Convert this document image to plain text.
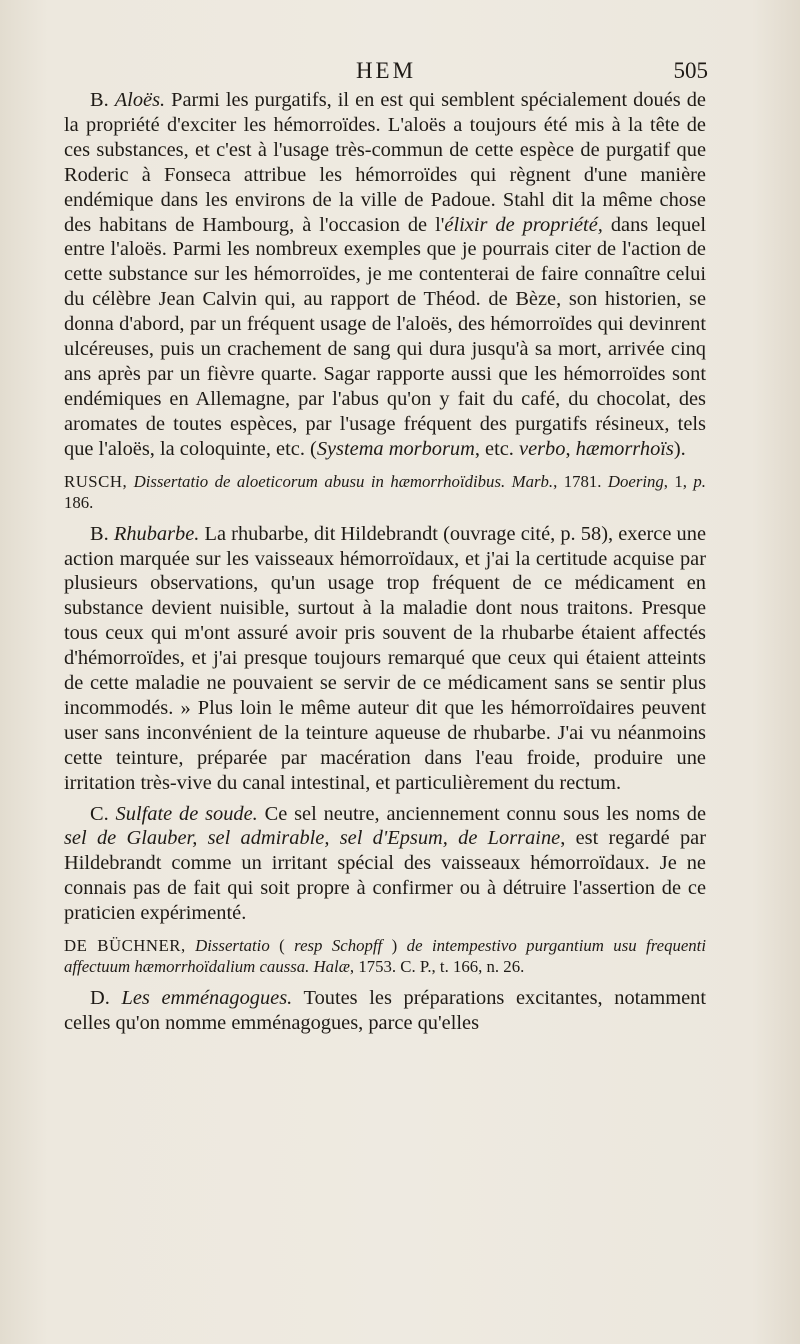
HEM	505

B. Aloës. Parmi les purgatifs, il en est qui semblent spécialement doués de la propriété d'exciter les hémorroïdes. L'aloës a toujours été mis à la tête de ces substances, et c'est à l'usage très-commun de cette espèce de purgatif que Roderic à Fonseca attribue les hémorroïdes qui règnent d'une manière endémique dans les environs de la ville de Padoue. Stahl dit la même chose des habitans de Hambourg, à l'occasion de l'élixir de propriété, dans lequel entre l'aloës. Parmi les nombreux exemples que je pourrais citer de l'action de cette substance sur les hémorroïdes, je me contenterai de faire connaître celui du célèbre Jean Calvin qui, au rapport de Théod. de Bèze, son historien, se donna d'abord, par un fréquent usage de l'aloës, des hémorroïdes qui devinrent ulcéreuses, puis un crachement de sang qui dura jusqu'à sa mort, arrivée cinq ans après par un fièvre quarte. Sagar rapporte aussi que les hémorroïdes sont endémiques en Allemagne, par l'abus qu'on y fait du café, du chocolat, des aromates de toutes espèces, par l'usage fréquent des purgatifs résineux, tels que l'aloës, la coloquinte, etc. (Systema morborum, etc. verbo, hæmorrhoïs).

RUSCH, Dissertatio de aloeticorum abusu in hæmorrhoïdibus. Marb., 1781. Doering, 1, p. 186.

B. Rhubarbe. La rhubarbe, dit Hildebrandt (ouvrage cité, p. 58), exerce une action marquée sur les vaisseaux hémorroïdaux, et j'ai la certitude acquise par plusieurs observations, qu'un usage trop fréquent de ce médicament en substance devient nuisible, surtout à la maladie dont nous traitons. Presque tous ceux qui m'ont assuré avoir pris souvent de la rhubarbe étaient affectés d'hémorroïdes, et j'ai presque toujours remarqué que ceux qui étaient atteints de cette maladie ne pouvaient se servir de ce médicament sans se sentir plus incommodés. » Plus loin le même auteur dit que les hémorroïdaires peuvent user sans inconvénient de la teinture aqueuse de rhubarbe. J'ai vu néanmoins cette teinture, préparée par macération dans l'eau froide, produire une irritation très-vive du canal intestinal, et particulièrement du rectum.

C. Sulfate de soude. Ce sel neutre, anciennement connu sous les noms de sel de Glauber, sel admirable, sel d'Epsum, de Lorraine, est regardé par Hildebrandt comme un irritant spécial des vaisseaux hémorroïdaux. Je ne connais pas de fait qui soit propre à confirmer ou à détruire l'assertion de ce praticien expérimenté.

DE BÜCHNER, Dissertatio ( resp Schopff ) de intempestivo purgantium usu frequenti affectuum hæmorrhoïdalium caussa. Halæ, 1753. C. P., t. 166, n. 26.

D. Les emménagogues. Toutes les préparations excitantes, notamment celles qu'on nomme emménagogues, parce qu'elles
